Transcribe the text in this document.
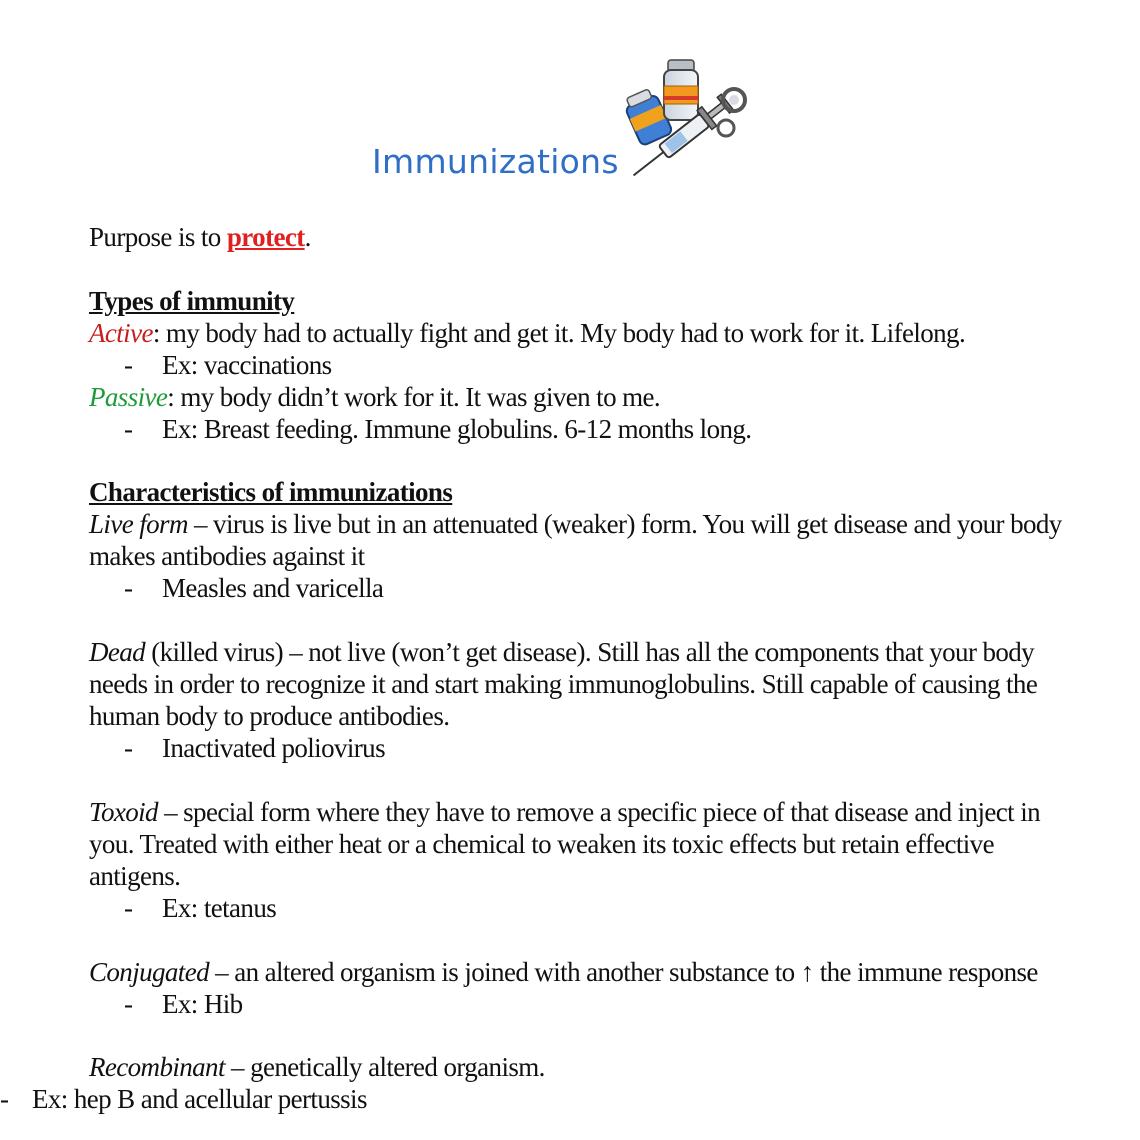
Immunizations
Purpose is to protect.
Types of immunity
Active: my body had to actually fight and get it. My body had to work for it. Lifelong.
- Ex: vaccinations
Passive: my body didn’t work for it. It was given to me.
- Ex: Breast feeding. Immune globulins. 6-12 months long.
Characteristics of immunizations
Live form – virus is live but in an attenuated (weaker) form. You will get disease and your body
makes antibodies against it
- Measles and varicella
Dead (killed virus) – not live (won’t get disease). Still has all the components that your body
needs in order to recognize it and start making immunoglobulins. Still capable of causing the
human body to produce antibodies.
- Inactivated poliovirus
Toxoid – special form where they have to remove a specific piece of that disease and inject in
you. Treated with either heat or a chemical to weaken its toxic effects but retain effective
antigens.
- Ex: tetanus
Conjugated – an altered organism is joined with another substance to ↑ the immune response
- Ex: Hib
Recombinant – genetically altered organism.
- Ex: hep B and acellular pertussis
